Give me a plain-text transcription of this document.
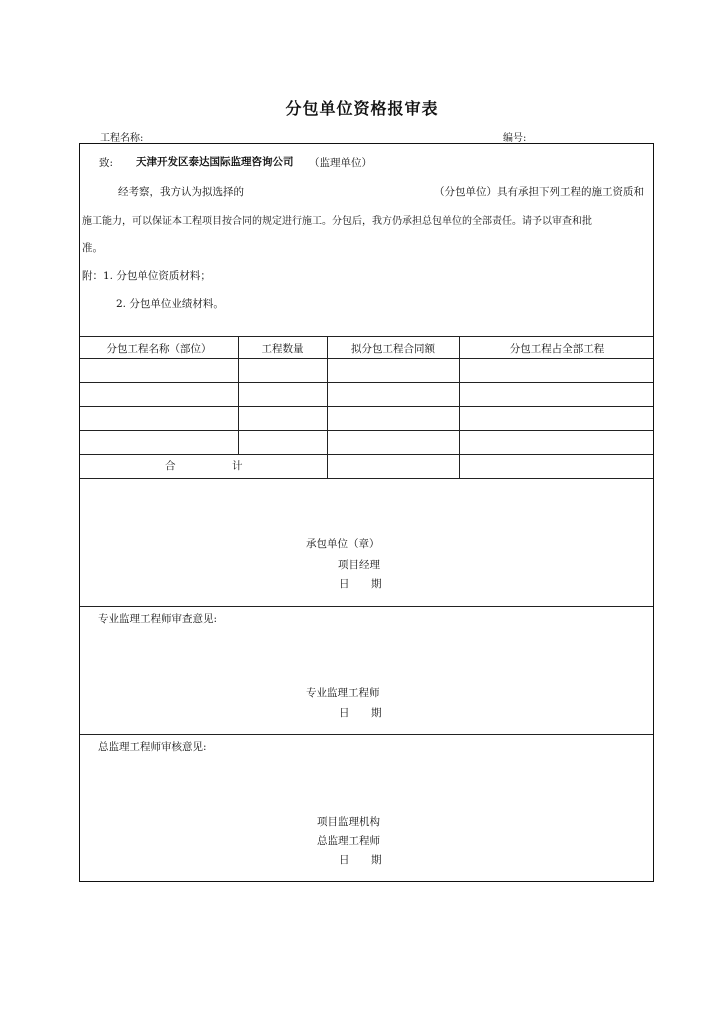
分包单位资格报审表
工程名称:	编号:
致: 天津开发区泰达国际监理咨询公司 （监理单位）
经考察，我方认为拟选择的	（分包单位）具有承担下列工程的施工资质和
施工能力，可以保证本工程项目按合同的规定进行施工。分包后，我方仍承担总包单位的全部责任。请予以审查和批
准。
附：1. 分包单位资质材料；
2. 分包单位业绩材料。
分包工程名称（部位）	工程数量	拟分包工程合同额	分包工程占全部工程
合	计
承包单位（章）
项目经理
日 期
专业监理工程师审查意见:
专业监理工程师
日 期
总监理工程师审核意见:
项目监理机构
总监理工程师
日 期
